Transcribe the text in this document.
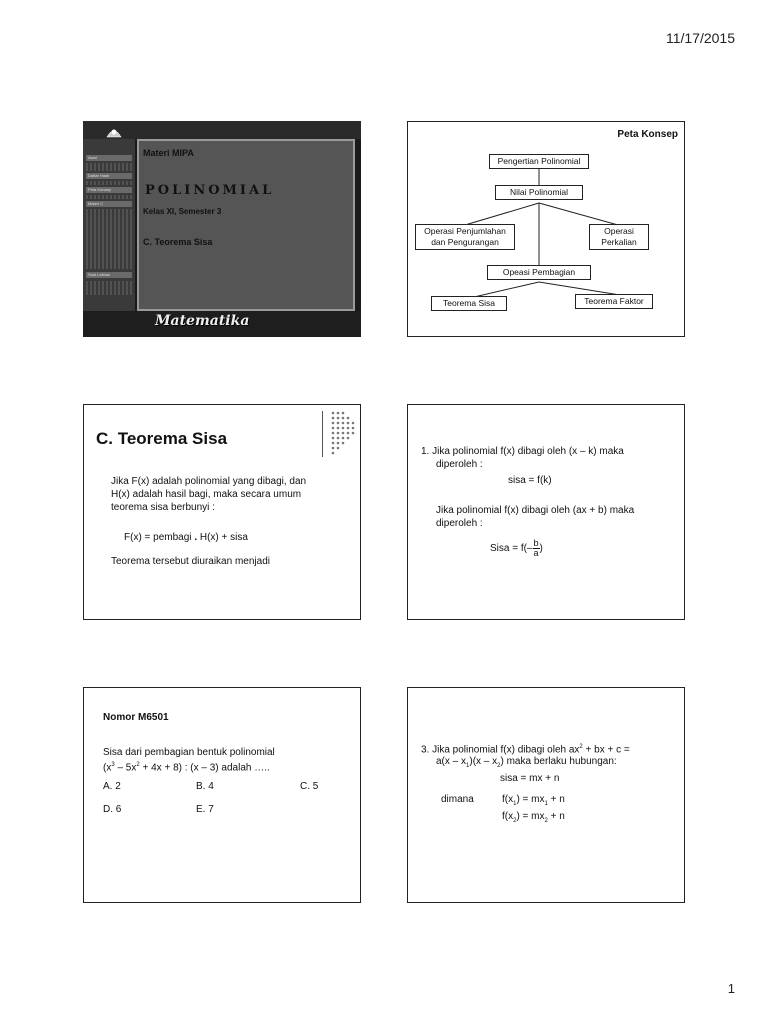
11/17/2015
Awal
Daftar Hadir
Peta Konsep
Materi C
Soal Latihan
Materi MIPA
POLINOMIAL
Kelas XI, Semester 3
C. Teorema Sisa
Matematika
Peta Konsep
Pengertian Polinomial
Nilai Polinomial
Operasi Penjumlahan
dan Pengurangan
Operasi
Perkalian
Opeasi Pembagian
Teorema Sisa	Teorema Faktor
C. Teorema Sisa
Jika F(x) adalah polinomial yang dibagi, dan
H(x) adalah hasil bagi, maka secara umum
teorema sisa berbunyi :
F(x) = pembagi . H(x) + sisa
Teorema tersebut diuraikan menjadi
1. Jika polinomial f(x) dibagi oleh (x – k) maka
diperoleh :
sisa = f(k)
Jika polinomial f(x) dibagi oleh (ax + b) maka
diperoleh :
Sisa = $f(- \frac{b}{a}$ )
Nomor M6501
Sisa dari pembagian bentuk polinomial
$(x^3 - 5x^2 + 4x + 8)$ : (x – 3) adalah …..
A. 2	B. 4	C. 5
D. 6	E. 7
3. Jika polinomial f(x) dibagi oleh $ax^2$ + bx + c =
$a(x - x_1)(x - x_2)$ maka berlaku hubungan:
sisa = mx + n
dimana	$f(x_1) = mx_1 + n$
$f(x_2) = mx_2 + n$
1
